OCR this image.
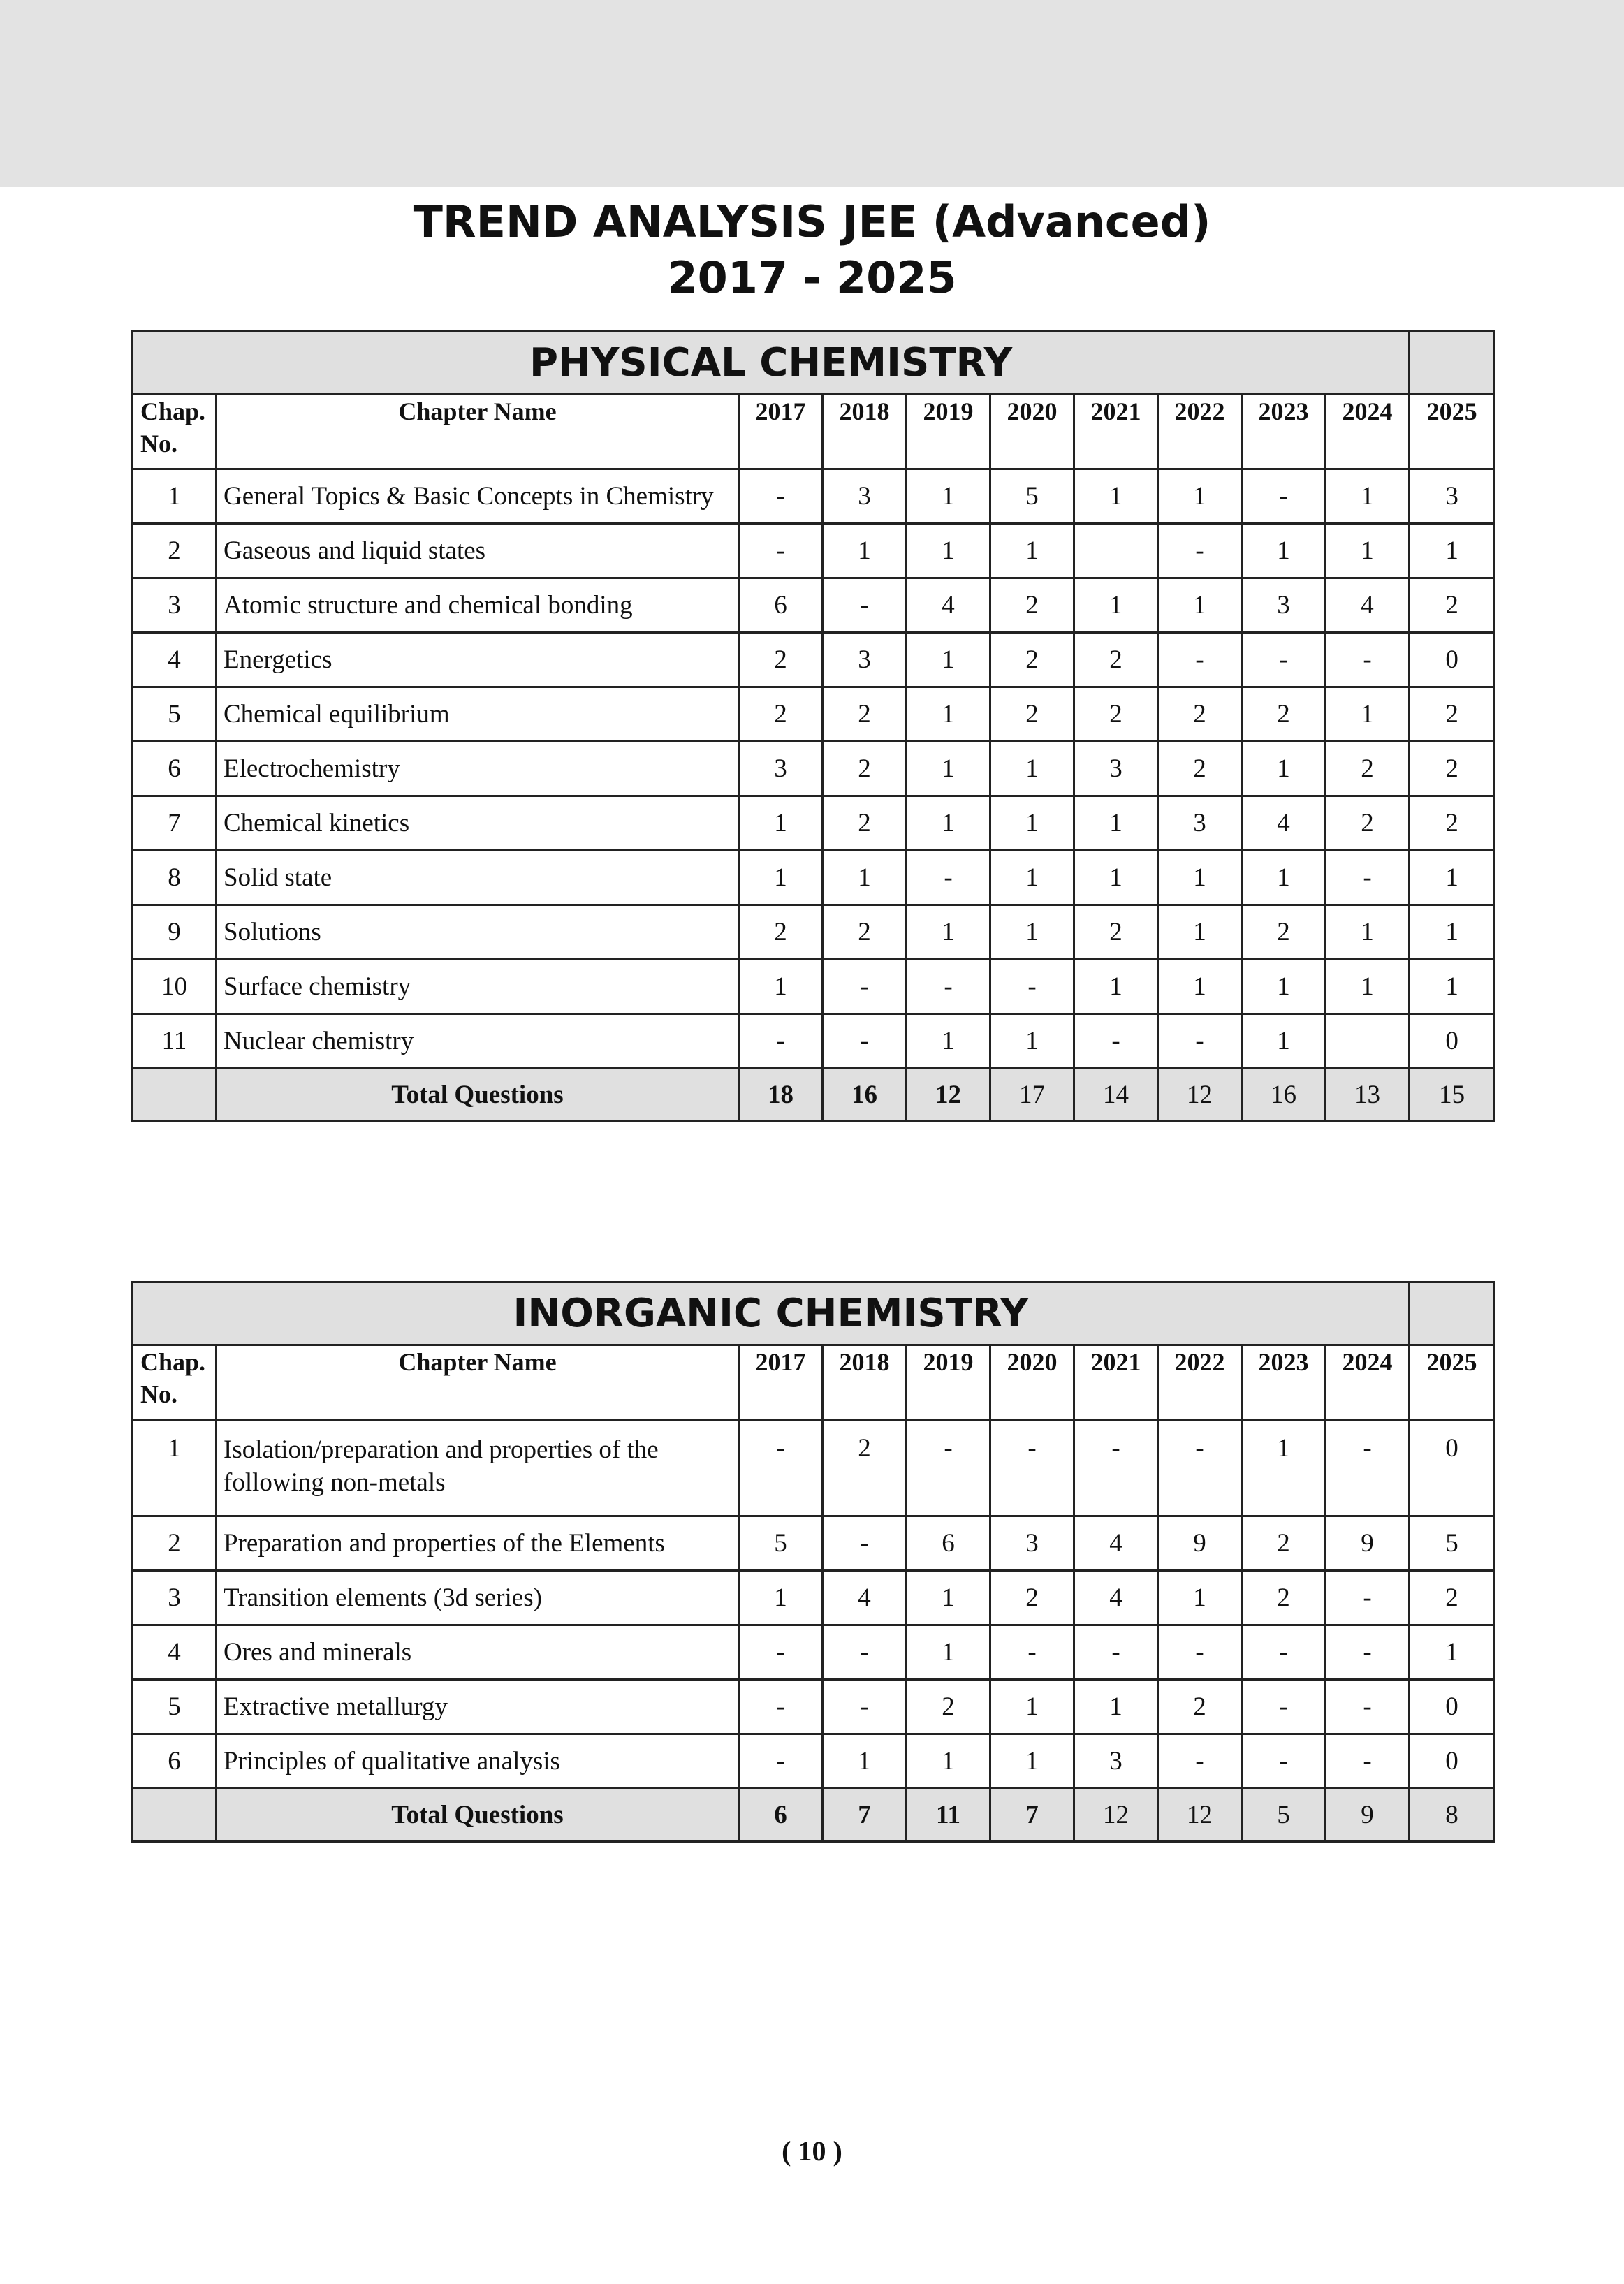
TREND ANALYSIS JEE (Advanced)
2017 - 2025
PHYSICAL CHEMISTRY										
Chap. No.	Chapter Name	2017	2018	2019	2020	2021	2022	2023	2024	2025
1	General Topics & Basic Concepts in Chemistry	-	3	1	5	1	1	-	1	3
2	Gaseous and liquid states	-	1	1	1		-	1	1	1
3	Atomic structure and chemical bonding	6	-	4	2	1	1	3	4	2
4	Energetics	2	3	1	2	2	-	-	-	0
5	Chemical equilibrium	2	2	1	2	2	2	2	1	2
6	Electrochemistry	3	2	1	1	3	2	1	2	2
7	Chemical kinetics	1	2	1	1	1	3	4	2	2
8	Solid state	1	1	-	1	1	1	1	-	1
9	Solutions	2	2	1	1	2	1	2	1	1
10	Surface chemistry	1	-	-	-	1	1	1	1	1
11	Nuclear chemistry	-	-	1	1	-	-	1		0
	Total Questions	18	16	12	17	14	12	16	13	15
INORGANIC CHEMISTRY										
Chap. No.	Chapter Name	2017	2018	2019	2020	2021	2022	2023	2024	2025
1	Isolation/preparation and properties of the following non-metals	-	2	-	-	-	-	1	-	0
2	Preparation and properties of the Elements	5	-	6	3	4	9	2	9	5
3	Transition elements (3d series)	1	4	1	2	4	1	2	-	2
4	Ores and minerals	-	-	1	-	-	-	-	-	1
5	Extractive metallurgy	-	-	2	1	1	2	-	-	0
6	Principles of qualitative analysis	-	1	1	1	3	-	-	-	0
	Total Questions	6	7	11	7	12	12	5	9	8
( 10 )
